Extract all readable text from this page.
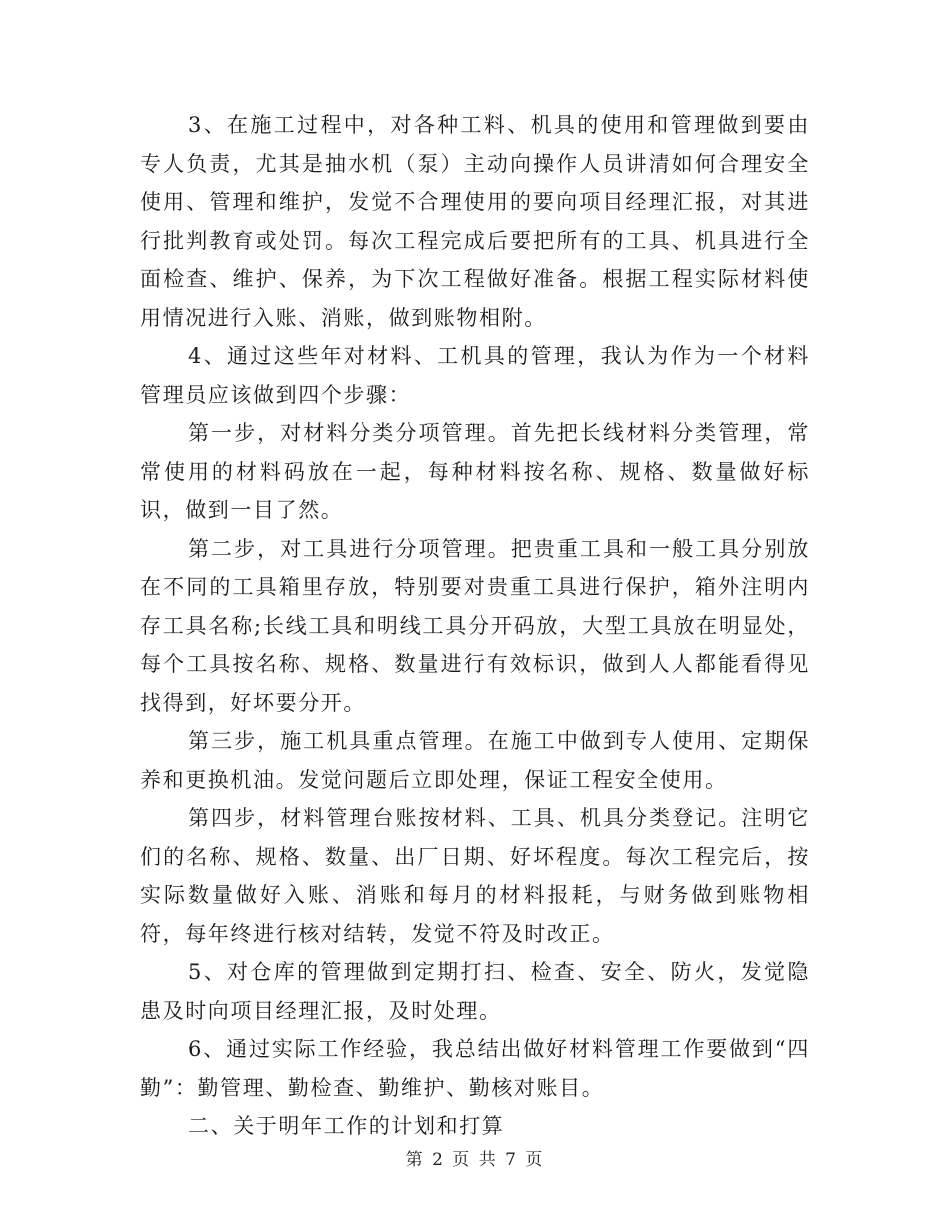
3、在施工过程中，对各种工料、机具的使用和管理做到要由专人负责，尤其是抽水机（泵）主动向操作人员讲清如何合理安全使用、管理和维护，发觉不合理使用的要向项目经理汇报，对其进行批判教育或处罚。每次工程完成后要把所有的工具、机具进行全面检查、维护、保养，为下次工程做好准备。根据工程实际材料使用情况进行入账、消账，做到账物相附。

4、通过这些年对材料、工机具的管理，我认为作为一个材料管理员应该做到四个步骤：

第一步，对材料分类分项管理。首先把长线材料分类管理，常常使用的材料码放在一起，每种材料按名称、规格、数量做好标识，做到一目了然。

第二步，对工具进行分项管理。把贵重工具和一般工具分别放在不同的工具箱里存放，特别要对贵重工具进行保护，箱外注明内存工具名称;长线工具和明线工具分开码放，大型工具放在明显处，每个工具按名称、规格、数量进行有效标识，做到人人都能看得见找得到，好坏要分开。

第三步，施工机具重点管理。在施工中做到专人使用、定期保养和更换机油。发觉问题后立即处理，保证工程安全使用。

第四步，材料管理台账按材料、工具、机具分类登记。注明它们的名称、规格、数量、出厂日期、好坏程度。每次工程完后，按实际数量做好入账、消账和每月的材料报耗，与财务做到账物相符，每年终进行核对结转，发觉不符及时改正。

5、对仓库的管理做到定期打扫、检查、安全、防火，发觉隐患及时向项目经理汇报，及时处理。

6、通过实际工作经验，我总结出做好材料管理工作要做到“四勤”：勤管理、勤检查、勤维护、勤核对账目。

二、关于明年工作的计划和打算

第 2 页 共 7 页
